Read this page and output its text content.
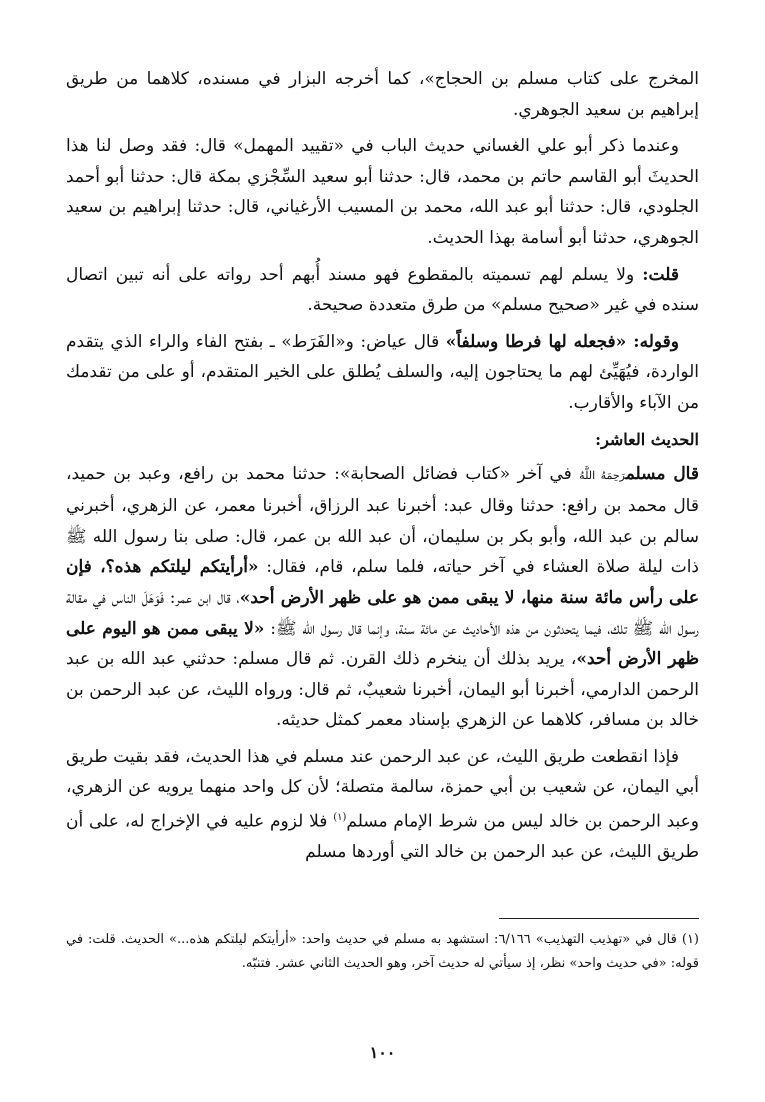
المخرج على كتاب مسلم بن الحجاج»، كما أخرجه البزار في مسنده، كلاهما من طريق إبراهيم بن سعيد الجوهري.

وعندما ذكر أبو علي الغساني حديث الباب في «تقييد المهمل» قال: فقد وصل لنا هذا الحديثَ أبو القاسم حاتم بن محمد، قال: حدثنا أبو سعيد السِّجْزي بمكة قال: حدثنا أبو أحمد الجلودي، قال: حدثنا أبو عبد الله، محمد بن المسيب الأرغياني، قال: حدثنا إبراهيم بن سعيد الجوهري، حدثنا أبو أسامة بهذا الحديث.

قلت: ولا يسلم لهم تسميته بالمقطوع فهو مسند أُبهم أحد رواته على أنه تبين اتصال سنده في غير «صحيح مسلم» من طرق متعددة صحيحة.

وقوله: «فجعله لها فرطا وسلفاً» قال عياض: و«الفَرَط» ـ بفتح الفاء والراء الذي يتقدم الواردة، فيُهَيِّئ لهم ما يحتاجون إليه، والسلف يُطلق على الخير المتقدم، أو على من تقدمك من الآباء والأقارب.

الحديث العاشر:

قال مسلمرَحِمَهُ اللَّهُ في آخر «كتاب فضائل الصحابة»: حدثنا محمد بن رافع، وعبد بن حميد، قال محمد بن رافع: حدثنا وقال عبد: أخبرنا عبد الرزاق، أخبرنا معمر، عن الزهري، أخبرني سالم بن عبد الله، وأبو بكر بن سليمان، أن عبد الله بن عمر، قال: صلى بنا رسول الله ﷺ ذات ليلة صلاة العشاء في آخر حياته، فلما سلم، قام، فقال: «أرأيتكم ليلتكم هذه؟، فإن على رأس مائة سنة منها، لا يبقى ممن هو على ظهر الأرض أحد»، قال ابن عمر: فَوَهَلَ الناس في مقالة رسول الله ﷺ تلك، فيما يتحدثون من هذه الأحاديث عن مائة سنة، وإنما قال رسول الله ﷺ: «لا يبقى ممن هو اليوم على ظهر الأرض أحد»، يريد بذلك أن ينخرم ذلك القرن. ثم قال مسلم: حدثني عبد الله بن عبد الرحمن الدارمي، أخبرنا أبو اليمان، أخبرنا شعيبٌ، ثم قال: ورواه الليث، عن عبد الرحمن بن خالد بن مسافر، كلاهما عن الزهري بإسناد معمر كمثل حديثه.

فإذا انقطعت طريق الليث، عن عبد الرحمن عند مسلم في هذا الحديث، فقد بقيت طريق أبي اليمان، عن شعيب بن أبي حمزة، سالمة متصلة؛ لأن كل واحد منهما يرويه عن الزهري، وعبد الرحمن بن خالد ليس من شرط الإمام مسلم$^{(١)}$ فلا لزوم عليه في الإخراج له، على أن طريق الليث، عن عبد الرحمن بن خالد التي أوردها مسلم

(١) قال في «تهذيب التهذيب» ٦/١٦٦: استشهد به مسلم في حديث واحد: «أرأيتكم ليلتكم هذه...» الحديث. قلت: في قوله: «في حديث واحد» نظر، إذ سيأتي له حديث آخر، وهو الحديث الثاني عشر. فتنبّه.

١٠٠
